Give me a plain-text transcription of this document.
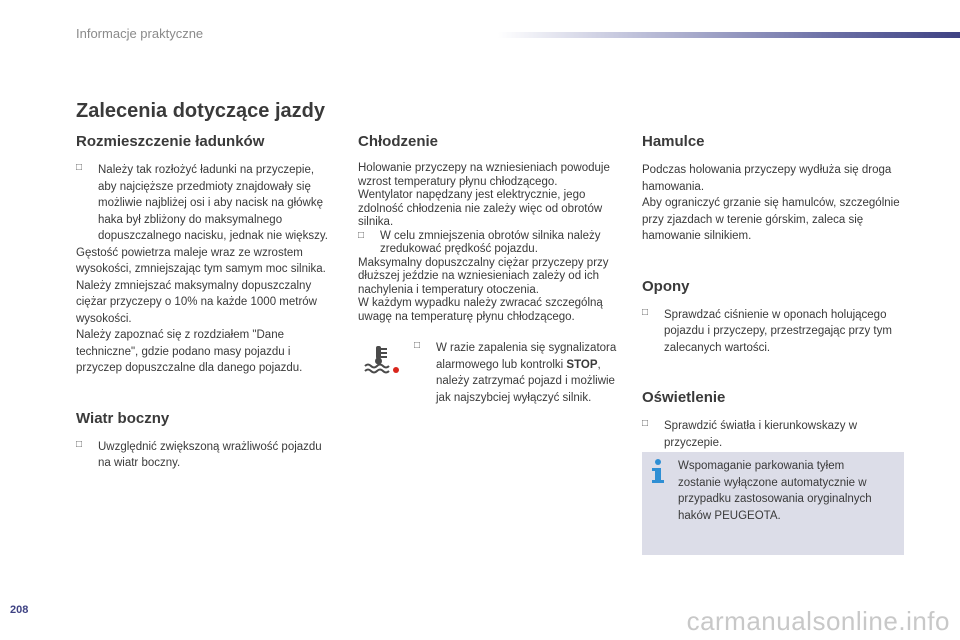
Informacje praktyczne
Zalecenia dotyczące jazdy
Rozmieszczenie ładunków
□ Należy tak rozłożyć ładunki na przyczepie, aby najcięższe przedmioty znajdowały się możliwie najbliżej osi i aby nacisk na główkę haka był zbliżony do maksymalnego dopuszczalnego nacisku, jednak nie większy.

Gęstość powietrza maleje wraz ze wzrostem wysokości, zmniejszając tym samym moc silnika. Należy zmniejszać maksymalny dopuszczalny ciężar przyczepy o 10% na każde 1000 metrów wysokości.

Należy zapoznać się z rozdziałem "Dane techniczne", gdzie podano masy pojazdu i przyczep dopuszczalne dla danego pojazdu.

Wiatr boczny
□ Uwzględnić zwiększoną wrażliwość pojazdu na wiatr boczny.

Chłodzenie

Holowanie przyczepy na wzniesieniach powoduje wzrost temperatury płynu chłodzącego.

Wentylator napędzany jest elektrycznie, jego zdolność chłodzenia nie zależy więc od obrotów silnika.

□ W celu zmniejszenia obrotów silnika należy zredukować prędkość pojazdu.

Maksymalny dopuszczalny ciężar przyczepy przy dłuższej jeździe na wzniesieniach zależy od ich nachylenia i temperatury otoczenia.

W każdym wypadku należy zwracać szczególną uwagę na temperaturę płynu chłodzącego.

□ W razie zapalenia się sygnalizatora alarmowego lub kontrolki STOP, należy zatrzymać pojazd i możliwie jak najszybciej wyłączyć silnik.

Hamulce

Podczas holowania przyczepy wydłuża się droga hamowania.

Aby ograniczyć grzanie się hamulców, szczególnie przy zjazdach w terenie górskim, zaleca się hamowanie silnikiem.

Opony
□ Sprawdzać ciśnienie w oponach holującego pojazdu i przyczepy, przestrzegając przy tym zalecanych wartości.

Oświetlenie
□ Sprawdzić światła i kierunkowskazy w przyczepie.

Wspomaganie parkowania tyłem zostanie wyłączone automatycznie w przypadku zastosowania oryginalnych haków PEUGEOTA.

208	carmanualsonline.info
